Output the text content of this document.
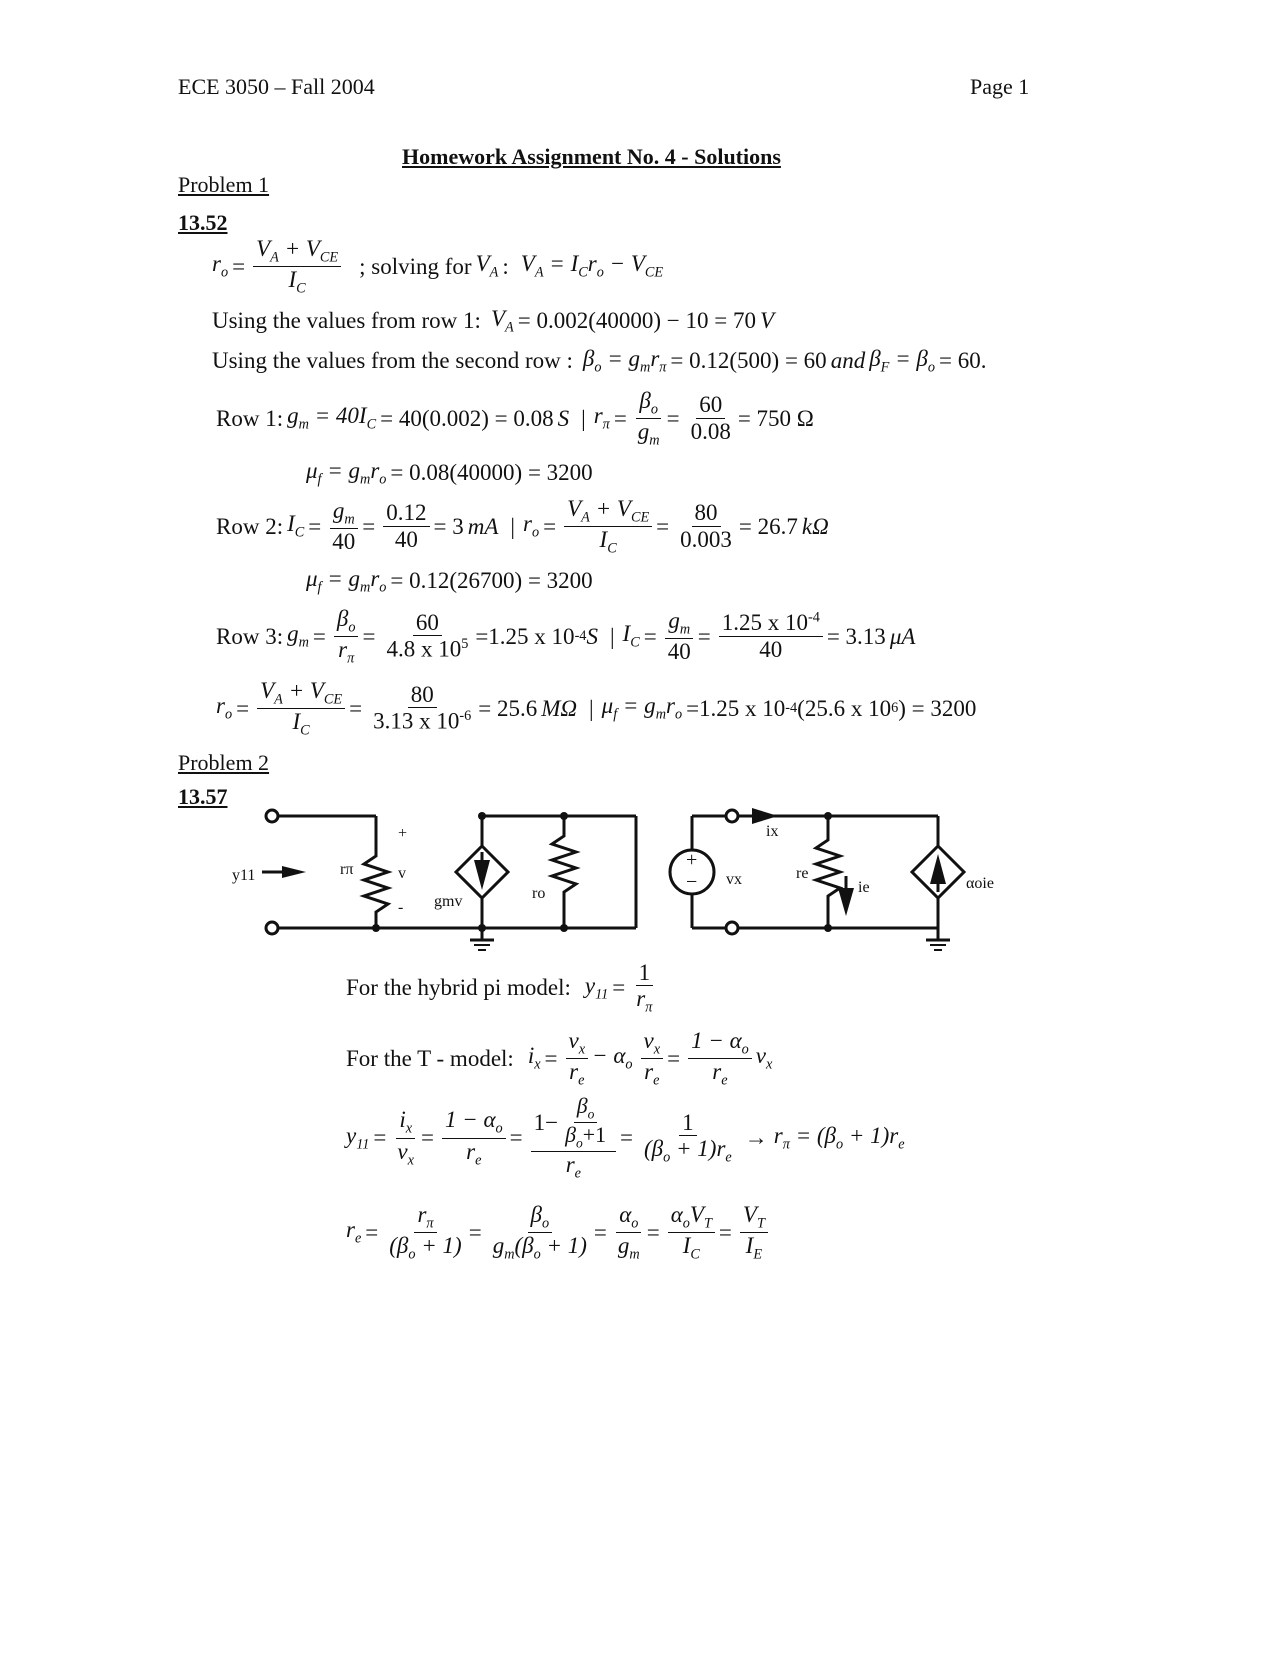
ECE 3050 – Fall 2004	Page 1
Homework Assignment No. 4 - Solutions
Problem 1
13.52
$r_o = \frac{V_A + V_{CE}}{I_C}$ ; solving for $V_A$ : $V_A = I_Cr_o - V_{CE}$
Using the values from row 1: $V_A = 0.002(40000) - 10 = 70$ V
Using the values from the second row : $\beta_o = g_mr_\pi = 0.12(500) = 60$ and $\beta_F = \beta_o = 60$.
Row 1: $g_m = 40I_C = 40(0.002) = 0.08$ S | $r_\pi = \frac{\beta_o}{g_m} = \frac{60}{0.08} = 750$ Ω
$\mu_f = g_mr_o = 0.08(40000) = 3200$
Row 2: $I_C = \frac{g_m}{40} = \frac{0.12}{40} = 3$ mA | $r_o = \frac{V_A + V_{CE}}{I_C} = \frac{80}{0.003} = 26.7$ kΩ
$\mu_f = g_mr_o = 0.12(26700) = 3200$
Row 3: $g_m = \frac{\beta_o}{r_\pi} = \frac{60}{4.8 x 10^5} =1.25$ x 10 -4 S | $I_C = \frac{g_m}{40} = \frac{1.25 x 10^{-4}}{40} = 3.13$ μA
$r_o = \frac{V_A + V_{CE}}{I_C} = \frac{80}{3.13 x 10^{-6}} = 25.6$ MΩ | $\mu_f = g_mr_o =1.25$ x 10 -4 (25.6 x 10 6 ) = 3200
Problem 2
13.57
y11	rπ
+
v
- gmv	ro
+
− vx
ix
re
ie	αoie
For the hybrid pi model: $y_{11} = \frac{1}{r_\pi}$
For the T - model: $i_x = \frac{v_x}{r_e} - \alpha_o \frac{v_x}{r_e} = \frac{1 - \alpha_o}{r_e} v_x$
$y_{11} = \frac{i_x}{v_x} = \frac{1 - \alpha_o}{r_e} = \frac{1- \frac{\beta_o}{\beta_o+1}}{r_e} = \frac{1}{(\beta_o + 1)r_e} \to r_\pi = (\beta_o + 1)r_e$
$r_e = \frac{r_\pi}{(\beta_o + 1)} = \frac{\beta_o}{g_m(\beta_o + 1)} = \frac{\alpha_o}{g_m} = \frac{\alpha_oV_T}{I_C} = \frac{V_T}{I_E}$
